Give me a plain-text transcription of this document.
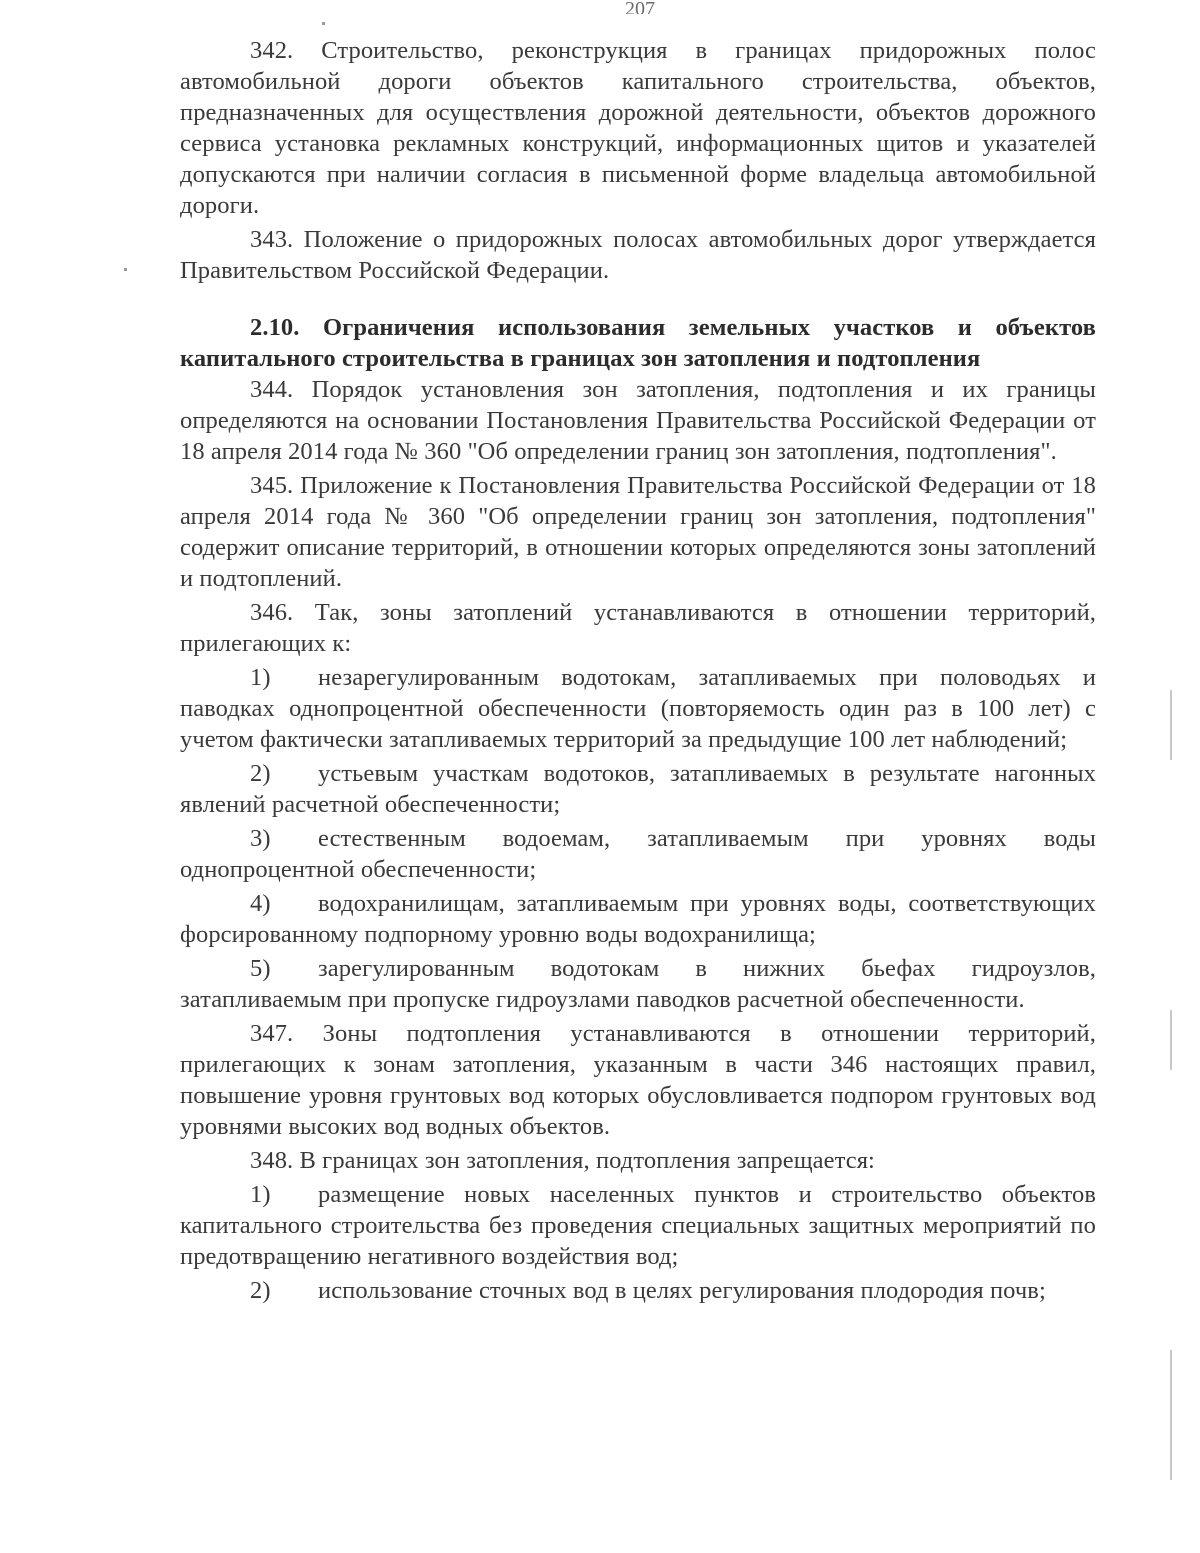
207

342. Строительство, реконструкция в границах придорожных полос автомобильной дороги объектов капитального строительства, объектов, предназначенных для осуществления дорожной деятельности, объектов дорожного сервиса установка рекламных конструкций, информационных щитов и указателей допускаются при наличии согласия в письменной форме владельца автомобильной дороги.

343. Положение о придорожных полосах автомобильных дорог утверждается Правительством Российской Федерации.

2.10. Ограничения использования земельных участков и объектов капитального строительства в границах зон затопления и подтопления

344. Порядок установления зон затопления, подтопления и их границы определяются на основании Постановления Правительства Российской Федерации от 18 апреля 2014 года № 360 "Об определении границ зон затопления, подтопления".

345. Приложение к Постановления Правительства Российской Федерации от 18 апреля 2014 года № 360 "Об определении границ зон затопления, подтопления" содержит описание территорий, в отношении которых определяются зоны затоплений и подтоплений.

346. Так, зоны затоплений устанавливаются в отношении территорий, прилегающих к:

1) незарегулированным водотокам, затапливаемых при половодьях и паводках однопроцентной обеспеченности (повторяемость один раз в 100 лет) с учетом фактически затапливаемых территорий за предыдущие 100 лет наблюдений;

2) устьевым участкам водотоков, затапливаемых в результате нагонных явлений расчетной обеспеченности;

3) естественным водоемам, затапливаемым при уровнях воды однопроцентной обеспеченности;

4) водохранилищам, затапливаемым при уровнях воды, соответствующих форсированному подпорному уровню воды водохранилища;

5) зарегулированным водотокам в нижних бьефах гидроузлов, затапливаемым при пропуске гидроузлами паводков расчетной обеспеченности.

347. Зоны подтопления устанавливаются в отношении территорий, прилегающих к зонам затопления, указанным в части 346 настоящих правил, повышение уровня грунтовых вод которых обусловливается подпором грунтовых вод уровнями высоких вод водных объектов.

348. В границах зон затопления, подтопления запрещается:

1) размещение новых населенных пунктов и строительство объектов капитального строительства без проведения специальных защитных мероприятий по предотвращению негативного воздействия вод;

2) использование сточных вод в целях регулирования плодородия почв;
